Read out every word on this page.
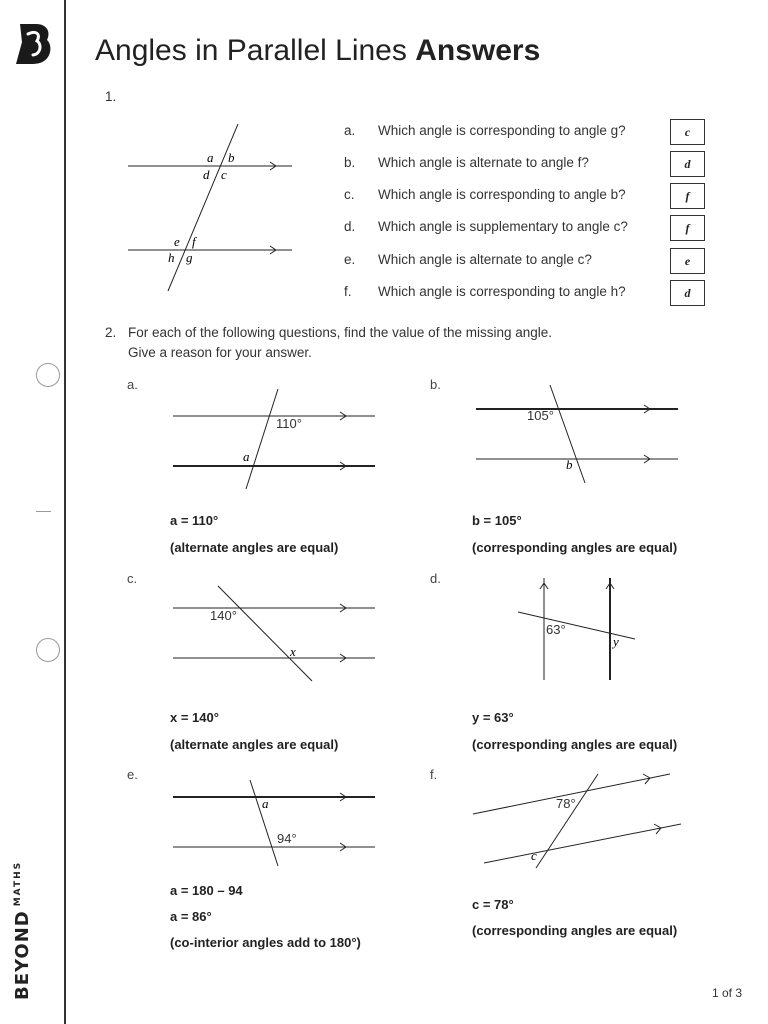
$BEYOND^{MATHS}$
Angles in Parallel Lines Answers
1.
a b
d c
e f
h g
a. Which angle is corresponding to angle g?	c
b. Which angle is alternate to angle f?	d
c. Which angle is corresponding to angle b?	f
d. Which angle is supplementary to angle c?	f
e. Which angle is alternate to angle c?	e
f. Which angle is corresponding to angle h?	d
2. For each of the following questions, find the value of the missing angle.
Give a reason for your answer.
a.
110°
a
a = 110°
(alternate angles are equal)
b.
105°
b
b = 105°
(corresponding angles are equal)
c.
140°
x
x = 140°
(alternate angles are equal)
d.
63°
y
y = 63°
(corresponding angles are equal)
e.
a
94°
a = 180 – 94
a = 86°
(co-interior angles add to 180°)
f.
78°
c
c = 78°
(corresponding angles are equal)
1 of 3
